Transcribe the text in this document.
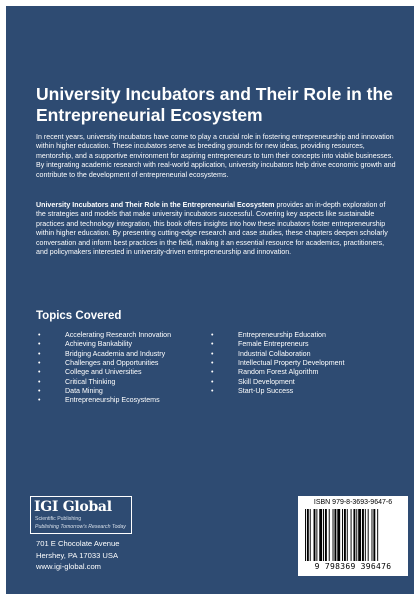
University Incubators and Their Role in the
Entrepreneurial Ecosystem
In recent years, university incubators have come to play a crucial role in fostering entrepreneurship and innovation within higher education. These incubators serve as breeding grounds for new ideas, providing resources, mentorship, and a supportive environment for aspiring entrepreneurs to turn their concepts into viable businesses. By integrating academic research with real-world application, university incubators help drive economic growth and contribute to the development of entrepreneurial ecosystems.
University Incubators and Their Role in the Entrepreneurial Ecosystem provides an in-depth exploration of the strategies and models that make university incubators successful. Covering key aspects like sustainable practices and technology integration, this book offers insights into how these incubators foster entrepreneurship within higher education. By presenting cutting-edge research and case studies, these chapters deepen scholarly conversation and inform best practices in the field, making it an essential resource for academics, practitioners, and policymakers interested in university-driven entrepreneurship and innovation.
Topics Covered
•	Accelerating Research Innovation
•	Achieving Bankability
•	Bridging Academia and Industry
•	Challenges and Opportunities
•	College and Universities
•	Critical Thinking
•	Data Mining
•	Entrepreneurship Ecosystems
•	Entrepreneurship Education
•	Female Entrepreneurs
•	Industrial Collaboration
•	Intellectual Property Development
•	Random Forest Algorithm
•	Skill Development
•	Start-Up Success
IGI Global
Scientific Publishing
Publishing Tomorrow's Research Today
701 E Chocolate Avenue
Hershey, PA 17033 USA
www.igi-global.com
ISBN 979-8-3693-9647-6
9 798369 396476
